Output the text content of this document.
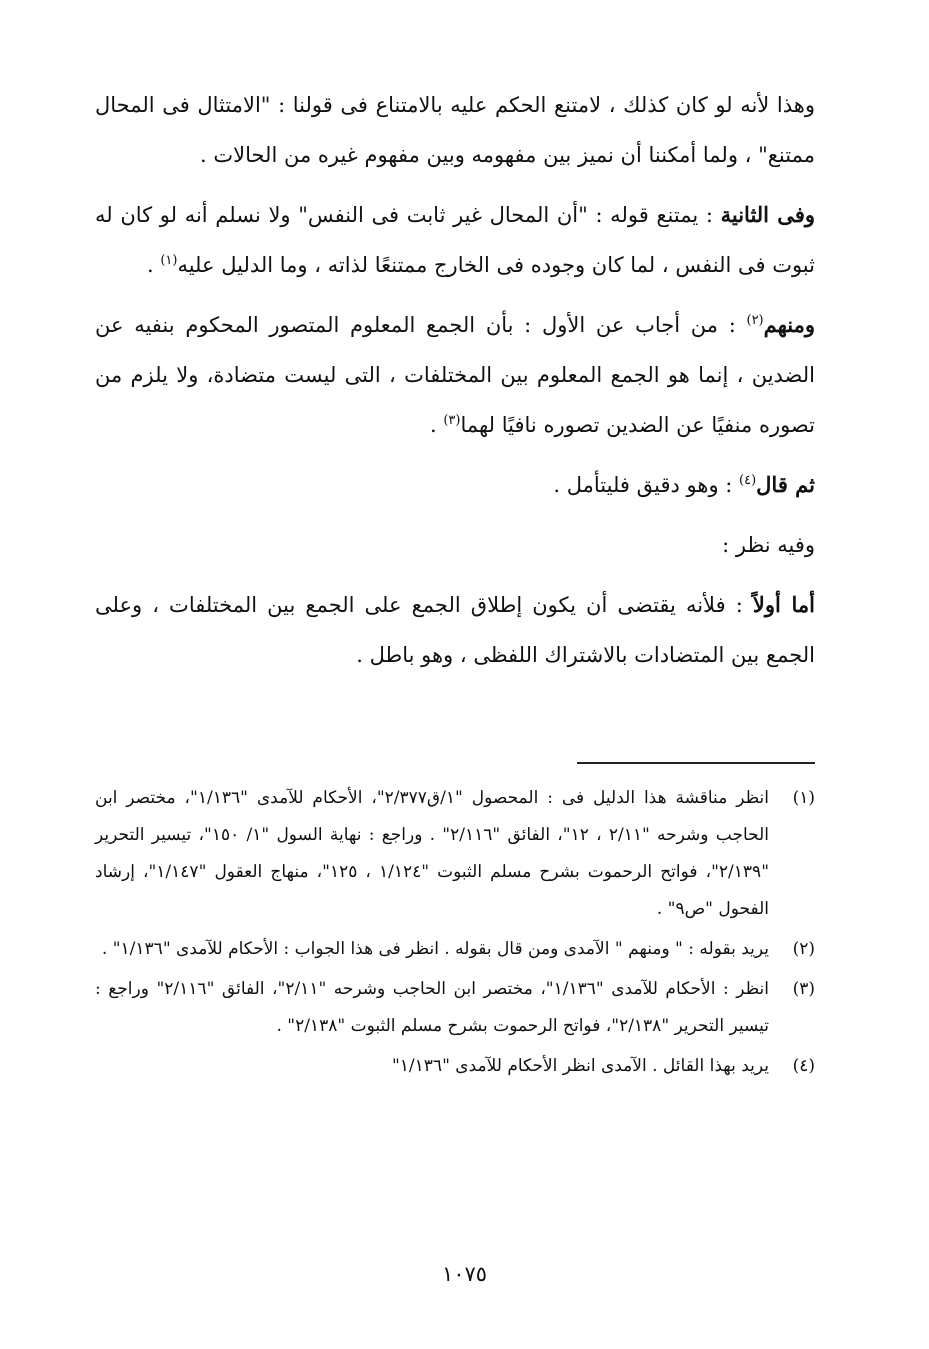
وهذا لأنه لو كان كذلك ، لامتنع الحكم عليه بالامتناع فى قولنا : "الامتثال فى المحال ممتنع" ، ولما أمكننا أن نميز بين مفهومه وبين مفهوم غيره من الحالات .

وفى الثانية : يمتنع قوله : "أن المحال غير ثابت فى النفس" ولا نسلم أنه لو كان له ثبوت فى النفس ، لما كان وجوده فى الخارج ممتنعًا لذاته ، وما الدليل عليه$^{(١)}$ .

ومنهم$^{(٢)}$ : من أجاب عن الأول : بأن الجمع المعلوم المتصور المحكوم بنفيه عن الضدين ، إنما هو الجمع المعلوم بين المختلفات ، التى ليست متضادة، ولا يلزم من تصوره منفيًا عن الضدين تصوره نافيًا لهما$^{(٣)}$ .

ثم قال$^{(٤)}$ : وهو دقيق فليتأمل .

وفيه نظر :

أما أولاً : فلأنه يقتضى أن يكون إطلاق الجمع على الجمع بين المختلفات ، وعلى الجمع بين المتضادات بالاشتراك اللفظى ، وهو باطل .

(١)
انظر مناقشة هذا الدليل فى : المحصول "١/ق٢/٣٧٧"، الأحكام للآمدى "١/١٣٦"، مختصر ابن الحاجب وشرحه "٢/١١ ، ١٢"، الفائق "٢/١١٦" . وراجع : نهاية السول "١/ ١٥٠"، تيسير التحرير "٢/١٣٩"، فواتح الرحموت بشرح مسلم الثبوت "١/١٢٤ ، ١٢٥"، منهاج العقول "١/١٤٧"، إرشاد الفحول "ص٩" .
(٢)
يريد بقوله : " ومنهم " الآمدى ومن قال بقوله . انظر فى هذا الجواب : الأحكام للآمدى "١/١٣٦" .
(٣)
انظر : الأحكام للآمدى "١/١٣٦"، مختصر ابن الحاجب وشرحه "٢/١١"، الفائق "٢/١١٦" وراجع : تيسير التحرير "٢/١٣٨"، فواتح الرحموت بشرح مسلم الثبوت "٢/١٣٨" .
(٤)
يريد بهذا القائل . الآمدى انظر الأحكام للآمدى "١/١٣٦"
١٠٧٥
